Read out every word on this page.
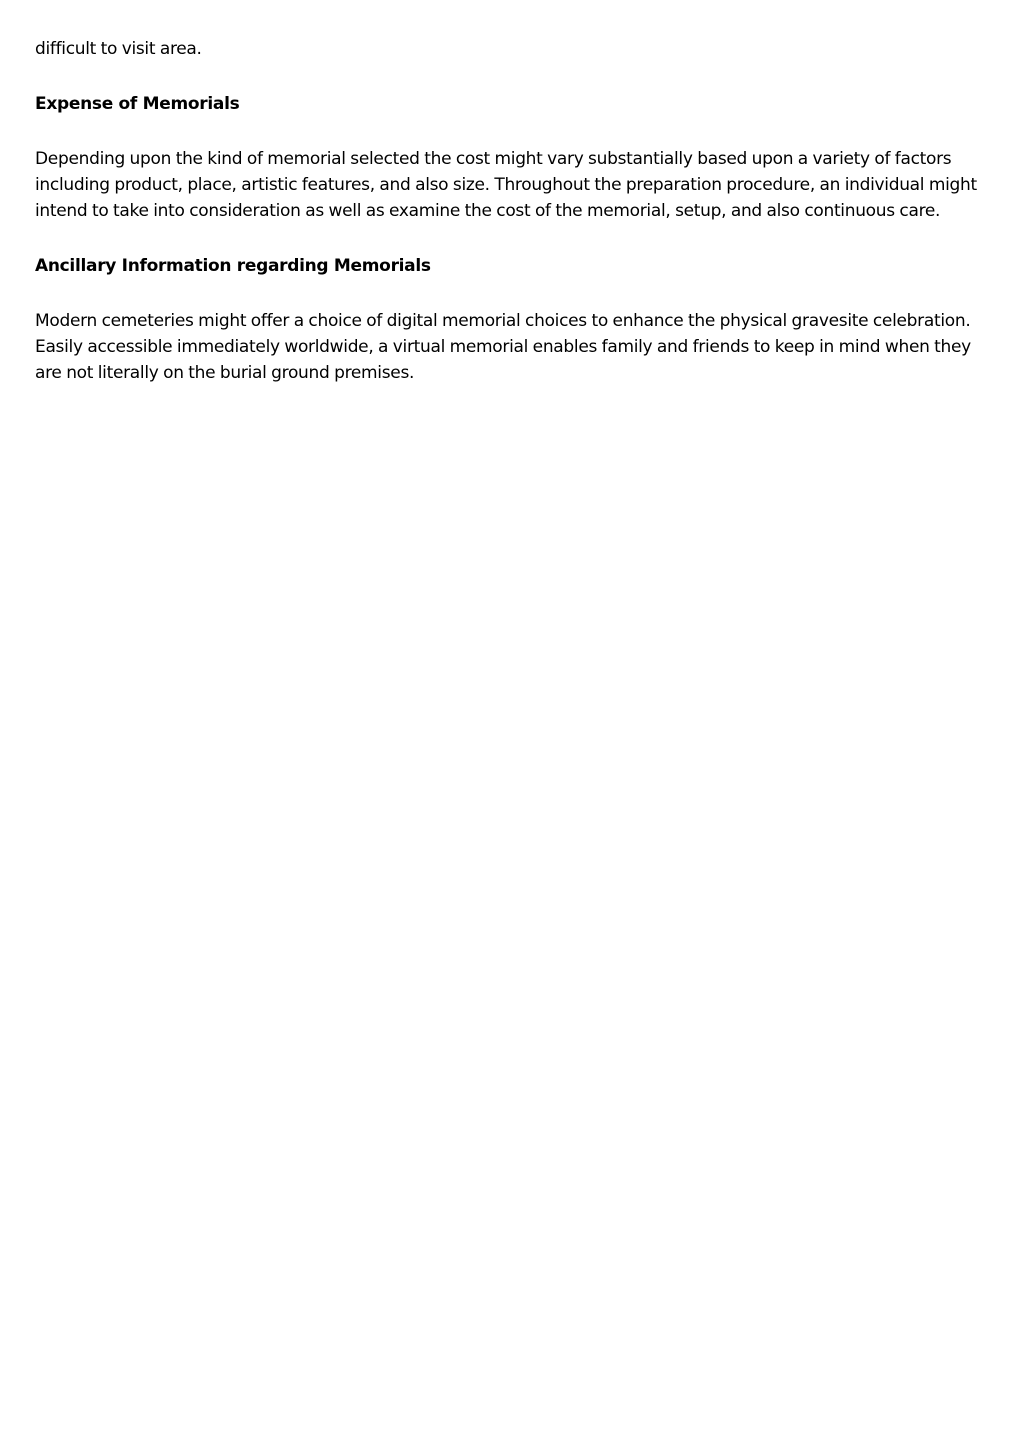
difficult to visit area.

Expense of Memorials

Depending upon the kind of memorial selected the cost might vary substantially based upon a variety of factors including product, place, artistic features, and also size. Throughout the preparation procedure, an individual might intend to take into consideration as well as examine the cost of the memorial, setup, and also continuous care.

Ancillary Information regarding Memorials

Modern cemeteries might offer a choice of digital memorial choices to enhance the physical gravesite celebration. Easily accessible immediately worldwide, a virtual memorial enables family and friends to keep in mind when they are not literally on the burial ground premises.
